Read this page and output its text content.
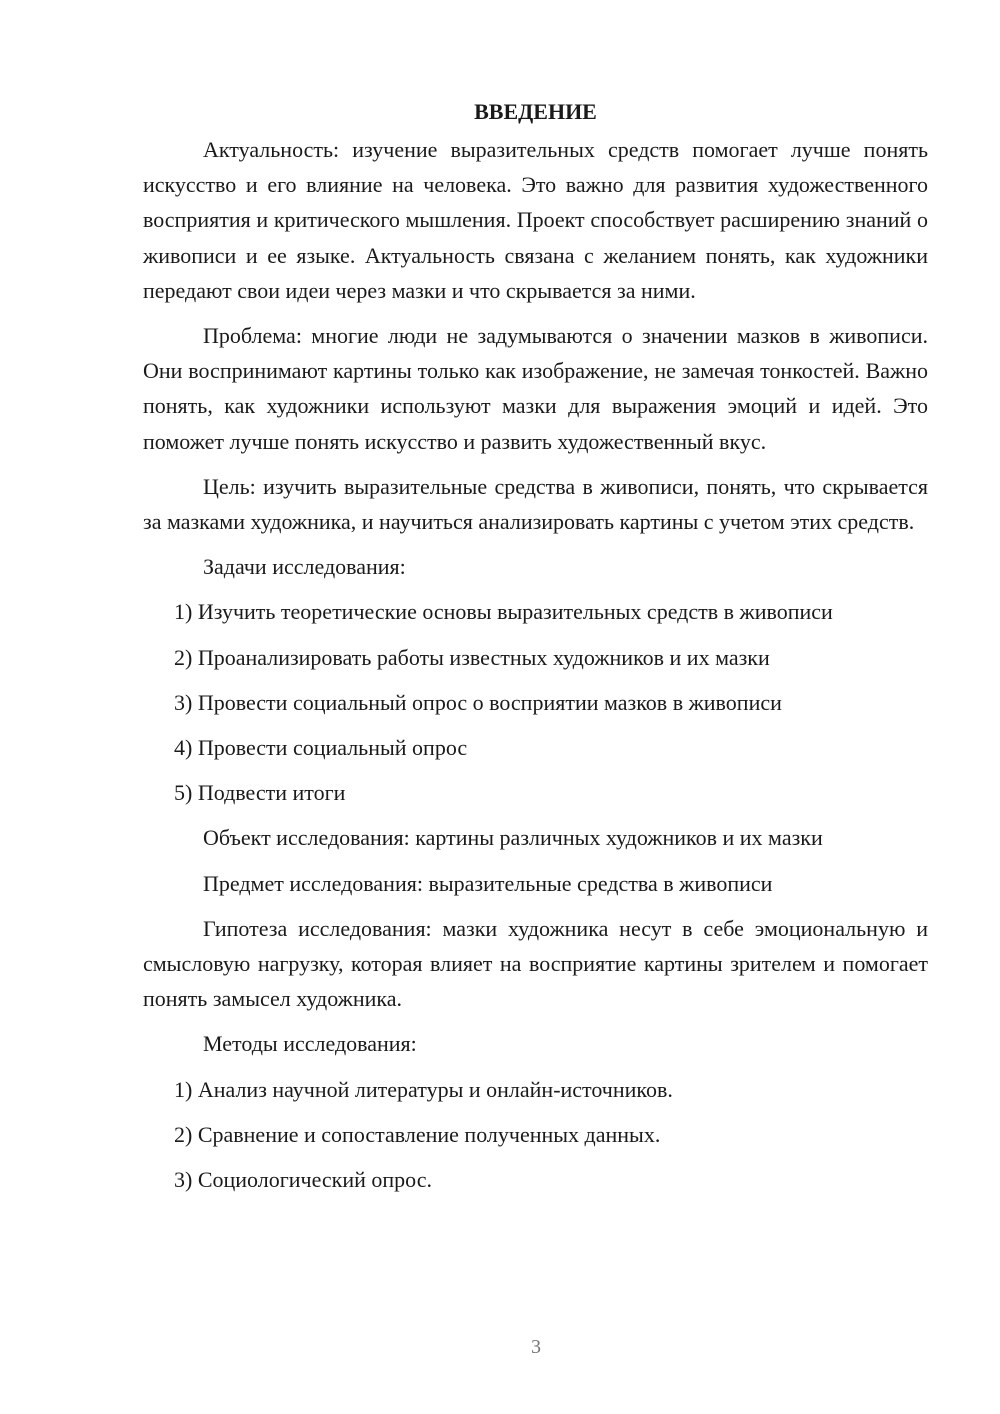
ВВЕДЕНИЕ

Актуальность: изучение выразительных средств помогает лучше понять искусство и его влияние на человека. Это важно для развития художественного восприятия и критического мышления. Проект способствует расширению знаний о живописи и ее языке. Актуальность связана с желанием понять, как художники передают свои идеи через мазки и что скрывается за ними.

Проблема: многие люди не задумываются о значении мазков в живописи. Они воспринимают картины только как изображение, не замечая тонкостей. Важно понять, как художники используют мазки для выражения эмоций и идей. Это поможет лучше понять искусство и развить художественный вкус.

Цель: изучить выразительные средства в живописи, понять, что скрывается за мазками художника, и научиться анализировать картины с учетом этих средств.

Задачи исследования:

1) Изучить теоретические основы выразительных средств в живописи

2) Проанализировать работы известных художников и их мазки

3) Провести социальный опрос о восприятии мазков в живописи

4) Провести социальный опрос

5) Подвести итоги

Объект исследования: картины различных художников и их мазки

Предмет исследования: выразительные средства в живописи

Гипотеза исследования: мазки художника несут в себе эмоциональную и смысловую нагрузку, которая влияет на восприятие картины зрителем и помогает понять замысел художника.

Методы исследования:

1) Анализ научной литературы и онлайн-источников.

2) Сравнение и сопоставление полученных данных.

3) Социологический опрос.

3
